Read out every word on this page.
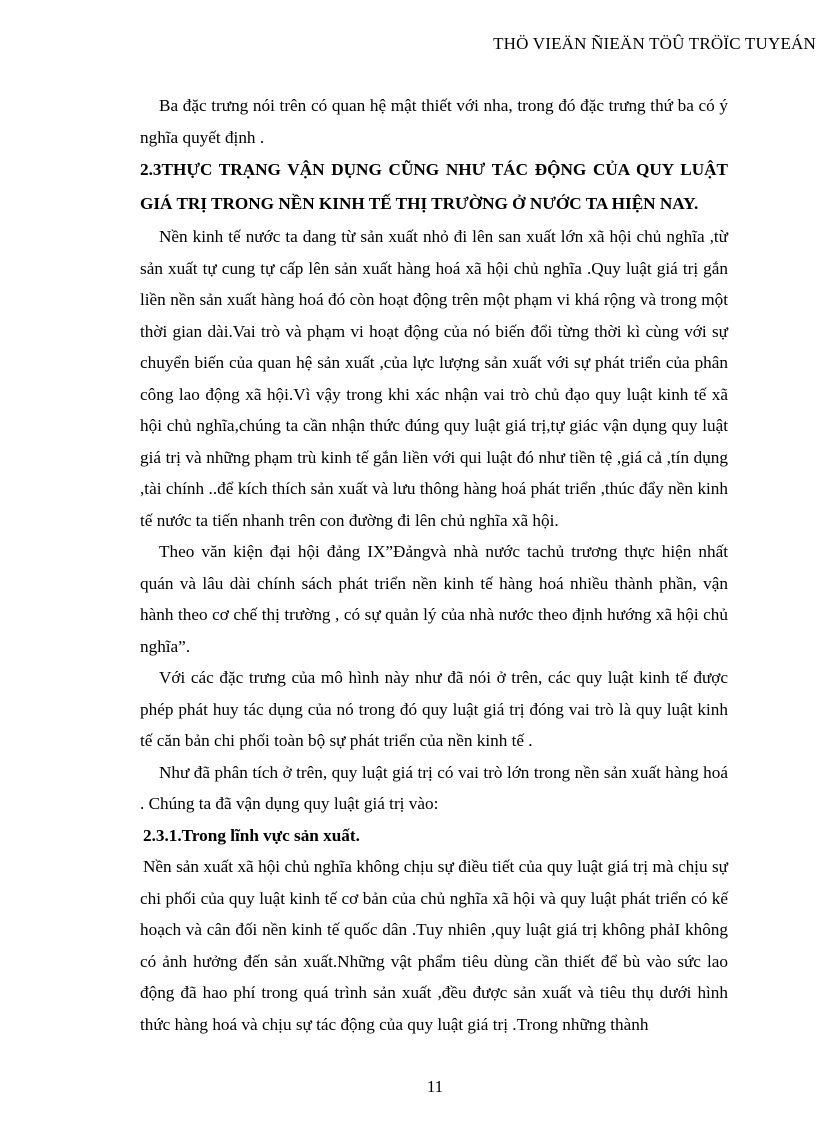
THÖ VIEÄN ÑIEÄN TÖÛ TRÖÏC TUYEÁN

Ba đặc trưng nói trên có quan hệ mật thiết với nha, trong đó đặc trưng thứ ba có ý nghĩa quyết định .

2.3THỰC TRẠNG VẬN DỤNG CŨNG NHƯ TÁC ĐỘNG CỦA QUY LUẬT GIÁ TRỊ TRONG NỀN KINH TẾ THỊ TRƯỜNG Ở NƯỚC TA HIỆN NAY.

Nền kinh tế nước ta dang từ sản xuất nhỏ đi lên san xuất lớn xã hội chủ nghĩa ,từ sản xuất tự cung tự cấp lên sản xuất hàng hoá xã hội chủ nghĩa .Quy luật giá trị gắn liền nền sản xuất hàng hoá đó còn hoạt động trên một phạm vi khá rộng và trong một thời gian dài.Vai trò và phạm vi hoạt động của nó biến đổi từng thời kì cùng với sự chuyển biến của quan hệ sản xuất ,của lực lượng sản xuất với sự phát triển của phân công lao động xã hội.Vì vậy trong khi xác nhận vai trò chủ đạo quy luật kinh tế xã hội chủ nghĩa,chúng ta cần nhận thức đúng quy luật giá trị,tự giác vận dụng quy luật giá trị và những phạm trù kinh tế gắn liền với qui luật đó như tiền tệ ,giá cả ,tín dụng ,tài chính ..để kích thích sản xuất và lưu thông hàng hoá phát triển ,thúc đẩy nền kinh tế nước ta tiến nhanh trên con đường đi lên chủ nghĩa xã hội.

Theo văn kiện đại hội đảng IX”Đảngvà nhà nước tachủ trương thực hiện nhất quán và lâu dài chính sách phát triển nền kinh tế hàng hoá nhiều thành phần, vận hành theo cơ chế thị trường , có sự quản lý của nhà nước theo định hướng xã hội chủ nghĩa”.

Với các đặc trưng của mô hình này như đã nói ở trên, các quy luật kinh tế được phép phát huy tác dụng của nó trong đó quy luật giá trị đóng vai trò là quy luật kinh tế căn bản chi phối toàn bộ sự phát triển của nền kinh tế .

Như đã phân tích ở trên, quy luật giá trị có vai trò lớn trong nền sản xuất hàng hoá . Chúng ta đã vận dụng quy luật giá trị vào:

2.3.1.Trong lĩnh vực sản xuất.

Nền sản xuất xã hội chủ nghĩa không chịu sự điều tiết của quy luật giá trị mà chịu sự chi phối của quy luật kinh tế cơ bản của chủ nghĩa xã hội và quy luật phát triển có kế hoạch và cân đối nền kinh tế quốc dân .Tuy nhiên ,quy luật giá trị không phảI không có ảnh hưởng đến sản xuất.Những vật phẩm tiêu dùng cần thiết để bù vào sức lao động đã hao phí trong quá trình sản xuất ,đều được sản xuất và tiêu thụ dưới hình thức hàng hoá và chịu sự tác động của quy luật giá trị .Trong những thành

11
